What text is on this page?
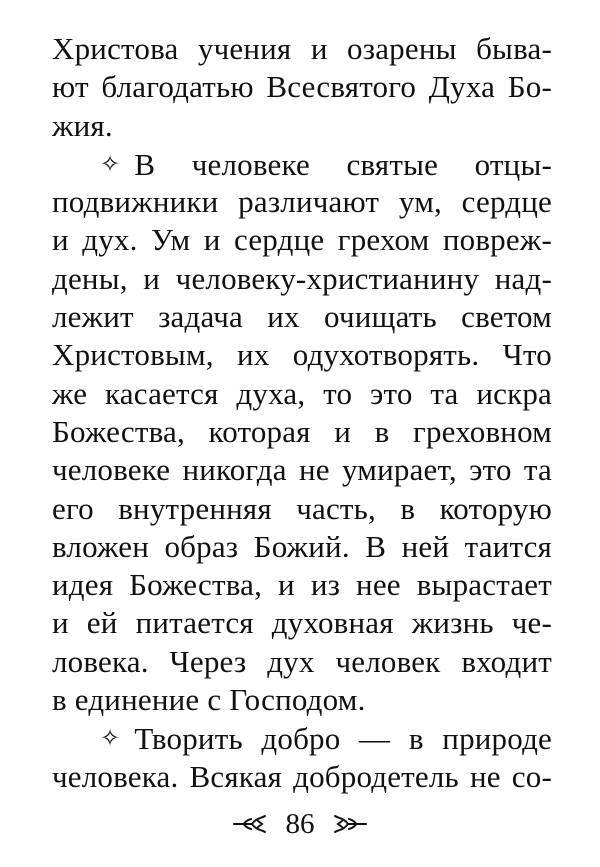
Христова учения и озарены быва-
ют благодатью Всесвятого Духа Бо-
жия.
✧ В человеке святые отцы-
подвижники различают ум, сердце
и дух. Ум и сердце грехом повреж-
дены, и человеку-христианину над-
лежит задача их очищать светом
Христовым, их одухотворять. Что
же касается духа, то это та искра
Божества, которая и в греховном
человеке никогда не умирает, это та
его внутренняя часть, в которую
вложен образ Божий. В ней таится
идея Божества, и из нее вырастает
и ей питается духовная жизнь че-
ловека. Через дух человек входит
в единение с Господом.
✧ Творить добро — в природе
человека. Всякая добродетель не со-
86
